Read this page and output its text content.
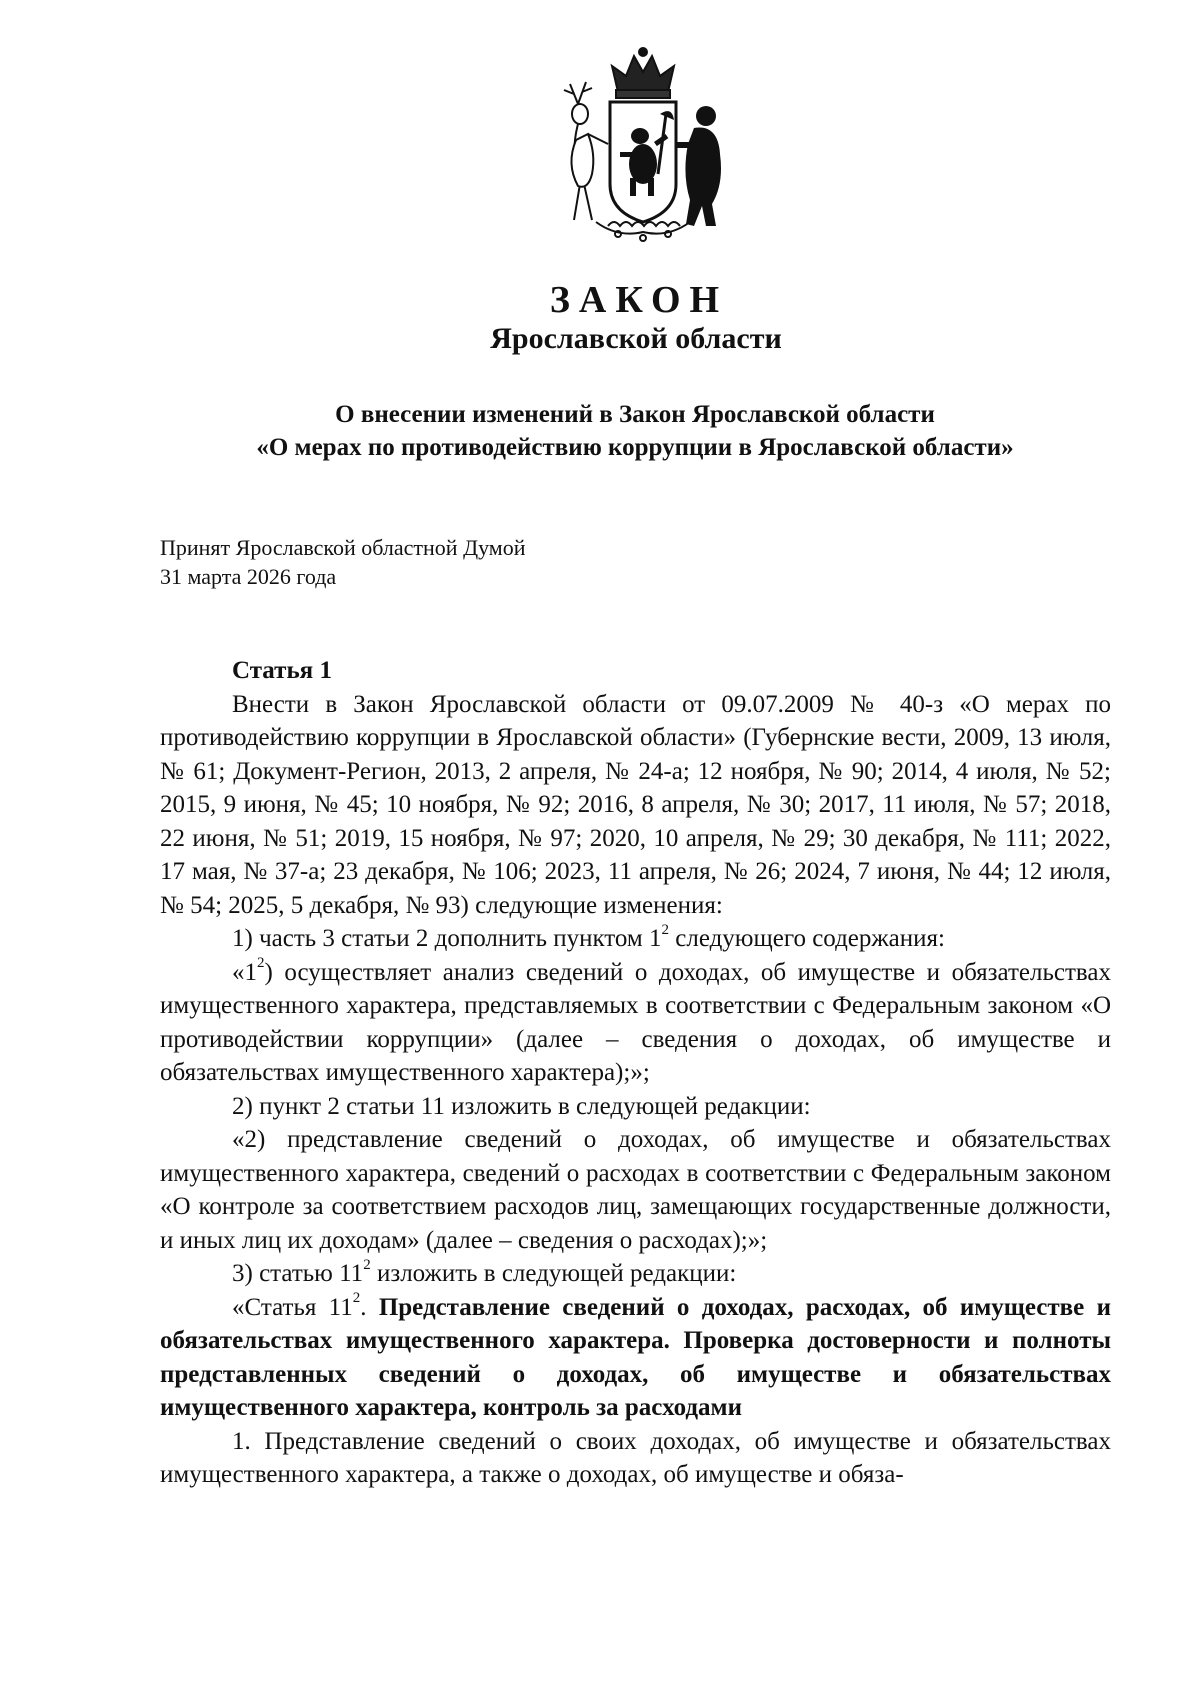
ЗАКОН
Ярославской области
О внесении изменений в Закон Ярославской области
«О мерах по противодействию коррупции в Ярославской области»
Принят Ярославской областной Думой
31 марта 2026 года

Статья 1

Внести в Закон Ярославской области от 09.07.2009 № 40-з «О мерах по противодействию коррупции в Ярославской области» (Губернские вести, 2009, 13 июля, № 61; Документ-Регион, 2013, 2 апреля, № 24-а; 12 ноября, № 90; 2014, 4 июля, № 52; 2015, 9 июня, № 45; 10 ноября, № 92; 2016, 8 апреля, № 30; 2017, 11 июля, № 57; 2018, 22 июня, № 51; 2019, 15 ноября, № 97; 2020, 10 апреля, № 29; 30 декабря, № 111; 2022, 17 мая, № 37-а; 23 декабря, № 106; 2023, 11 апреля, № 26; 2024, 7 июня, № 44; 12 июля, № 54; 2025, 5 декабря, № 93) следующие изменения:

1) часть 3 статьи 2 дополнить пунктом $1^2$ следующего содержания:

«$1^2$) осуществляет анализ сведений о доходах, об имуществе и обязательствах имущественного характера, представляемых в соответствии с Федеральным законом «О противодействии коррупции» (далее – сведения о доходах, об имуществе и обязательствах имущественного характера);»;

2) пункт 2 статьи 11 изложить в следующей редакции:

«2) представление сведений о доходах, об имуществе и обязательствах имущественного характера, сведений о расходах в соответствии с Федеральным законом «О контроле за соответствием расходов лиц, замещающих государственные должности, и иных лиц их доходам» (далее – сведения о расходах);»;

3) статью $11^2$ изложить в следующей редакции:

«Статья $11^2$. Представление сведений о доходах, расходах, об имуществе и обязательствах имущественного характера. Проверка достоверности и полноты представленных сведений о доходах, об имуществе и обязательствах имущественного характера, контроль за расходами

1. Представление сведений о своих доходах, об имуществе и обязательствах имущественного характера, а также о доходах, об имуществе и обяза-
